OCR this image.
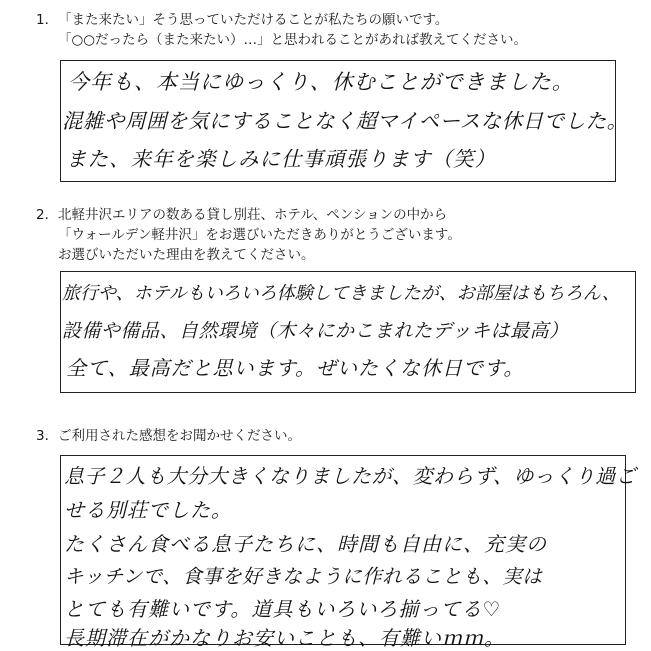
1．「また来たい」そう思っていただけることが私たちの願いです。
「○○だったら（また来たい）…」と思われることがあれば教えてください。
今年も、本当にゆっくり、休むことができました。
混雑や周囲を気にすることなく超マイペースな休日でした。
また、来年を楽しみに仕事頑張ります（笑）
2．北軽井沢エリアの数ある貸し別荘、ホテル、ペンションの中から
「ウォールデン軽井沢」をお選びいただきありがとうございます。
お選びいただいた理由を教えてください。
旅行や、ホテルもいろいろ体験してきましたが、お部屋はもちろん、
設備や備品、自然環境（木々にかこまれたデッキは最高）
全て、最高だと思います。ぜいたくな休日です。
3．ご利用された感想をお聞かせください。
息子２人も大分大きくなりましたが、変わらず、ゆっくり過ご
せる別荘でした。
たくさん食べる息子たちに、時間も自由に、充実の
キッチンで、食事を好きなように作れることも、実は
とても有難いです。道具もいろいろ揃ってる♡
長期滞在がかなりお安いことも、有難いｍｍ。
